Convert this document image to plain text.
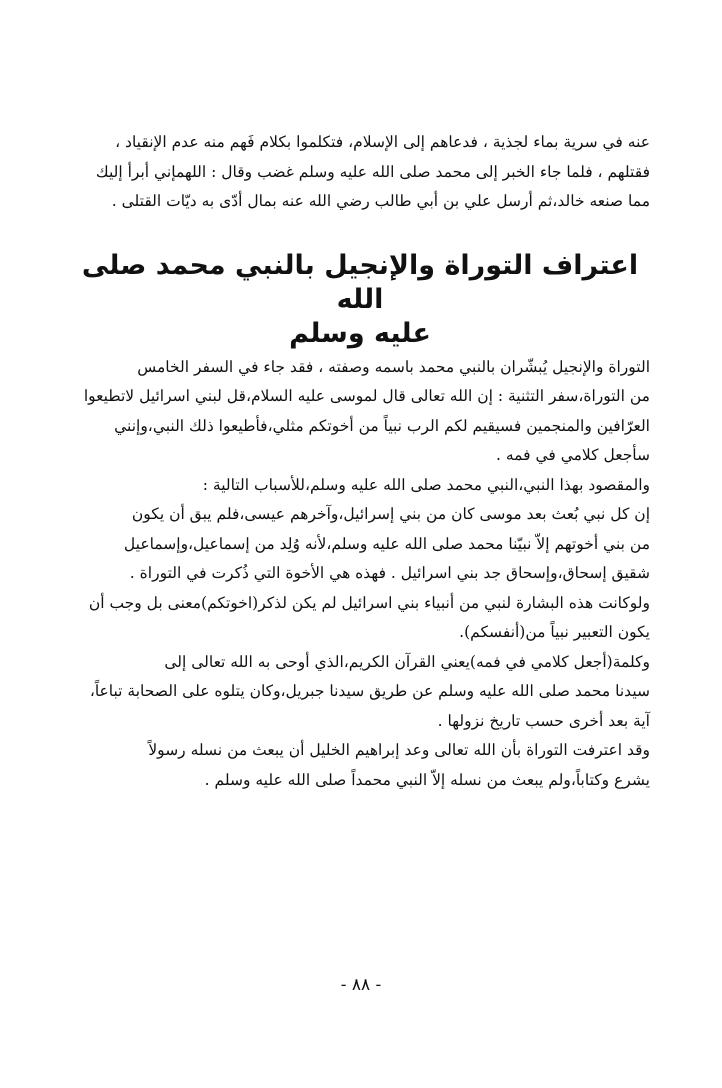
عنه في سرية بماء لجذية ، فدعاهم إلى الإسلام، فتكلموا بكلام فَهم منه عدم الإنقياد ،
فقتلهم ، فلما جاء الخبر إلى محمد صلى الله عليه وسلم غضب وقال : اللهمإني أبرأ إليك
مما صنعه خالد،ثم أرسل علي بن أبي طالب رضي الله عنه بمال أدّى به ديّات القتلى .

اعتراف التوراة والإنجيل بالنبي محمد صلى الله
عليه وسلم

التوراة والإنجيل يُبشّران بالنبي محمد باسمه وصفته ، فقد جاء في السفر الخامس
من التوراة،سفر التثنية : إن الله تعالى قال لموسى عليه السلام،قل لبني اسرائيل لاتطيعوا
العرّافين والمنجمين فسيقيم لكم الرب نبياً من أخوتكم مثلي،فأطيعوا ذلك النبي،وإنني
سأجعل كلامي في فمه .

والمقصود بهذا النبي،النبي محمد صلى الله عليه وسلم،للأسباب التالية :
إن كل نبي بُعث بعد موسى كان من بني إسرائيل،وآخرهم عيسى،فلم يبق أن يكون
من بني أخوتهم إلاّ نبيّنا محمد صلى الله عليه وسلم،لأنه وُلِد من إسماعيل،وإسماعيل
شقيق إسحاق،وإسحاق جد بني اسرائيل . فهذه هي الأخوة التي ذُكرت في التوراة .
ولوكانت هذه البشارة لنبي من أنبياء بني اسرائيل لم يكن لذكر(اخوتكم)معنى بل وجب أن
يكون التعبير نبياً من(أنفسكم).

وكلمة(أجعل كلامي في فمه)يعني القرآن الكريم،الذي أوحى به الله تعالى إلى
سيدنا محمد صلى الله عليه وسلم عن طريق سيدنا جبريل،وكان يتلوه على الصحابة تباعاً،
آية بعد أخرى حسب تاريخ نزولها .

وقد اعترفت التوراة بأن الله تعالى وعد إبراهيم الخليل أن يبعث من نسله رسولاً
يشرع وكتاباً،ولم يبعث من نسله إلاّ النبي محمداً صلى الله عليه وسلم .

- ٨٨ -
